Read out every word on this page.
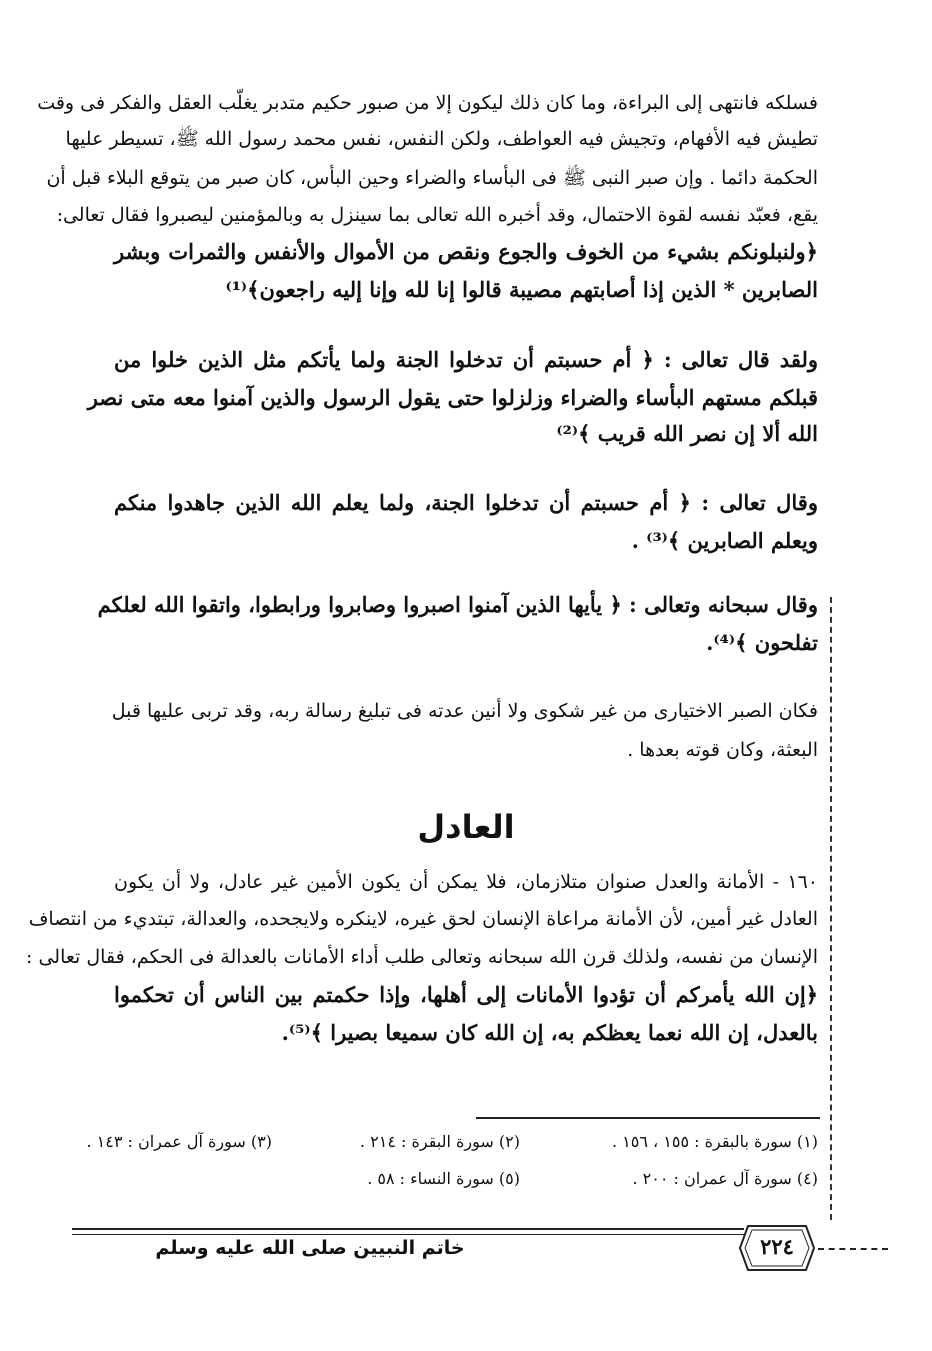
فسلكه فانتهى إلى البراءة، وما كان ذلك ليكون إلا من صبور حكيم متدبر يغلّب العقل والفكر فى وقت
تطيش فيه الأفهام، وتجيش فيه العواطف، ولكن النفس، نفس محمد رسول الله ﷺ، تسيطر عليها
الحكمة دائما . وإن صبر النبى ﷺ فى البأساء والضراء وحين البأس، كان صبر من يتوقع البلاء قبل أن
يقع، فعبّد نفسه لقوة الاحتمال، وقد أخبره الله تعالى بما سينزل به وبالمؤمنين ليصبروا فقال تعالى:
﴿ولنبلونكم بشيء من الخوف والجوع ونقص من الأموال والأنفس والثمرات وبشر
الصابرين * الذين إذا أصابتهم مصيبة قالوا إنا لله وإنا إليه راجعون﴾⁽¹⁾
ولقد قال تعالى : ﴿ أم حسبتم أن تدخلوا الجنة ولما يأتكم مثل الذين خلوا من
قبلكم مستهم البأساء والضراء وزلزلوا حتى يقول الرسول والذين آمنوا معه متى نصر
الله ألا إن نصر الله قريب ﴾⁽²⁾
وقال تعالى : ﴿ أم حسبتم أن تدخلوا الجنة، ولما يعلم الله الذين جاهدوا منكم
ويعلم الصابرين ﴾⁽³⁾ .
وقال سبحانه وتعالى : ﴿ يأيها الذين آمنوا اصبروا وصابروا ورابطوا، واتقوا الله لعلكم
تفلحون ﴾⁽⁴⁾.
فكان الصبر الاختيارى من غير شكوى ولا أنين عدته فى تبليغ رسالة ربه، وقد تربى عليها قبل
البعثة، وكان قوته بعدها .
العادل
١٦٠ - الأمانة والعدل صنوان متلازمان، فلا يمكن أن يكون الأمين غير عادل، ولا أن يكون
العادل غير أمين، لأن الأمانة مراعاة الإنسان لحق غيره، لاينكره ولايجحده، والعدالة، تبتديء من انتصاف
الإنسان من نفسه، ولذلك قرن الله سبحانه وتعالى طلب أداء الأمانات بالعدالة فى الحكم، فقال تعالى :
﴿إن الله يأمركم أن تؤدوا الأمانات إلى أهلها، وإذا حكمتم بين الناس أن تحكموا
بالعدل، إن الله نعما يعظكم به، إن الله كان سميعا بصيرا ﴾⁽⁵⁾.
(١) سورة بالبقرة : ١٥٥ ، ١٥٦ .
(٢) سورة البقرة : ٢١٤ .
(٣) سورة آل عمران : ١٤٣ .
(٤) سورة آل عمران : ٢٠٠ .
(٥) سورة النساء : ٥٨ .
٢٢٤
خاتم النبيين صلى الله عليه وسلم
